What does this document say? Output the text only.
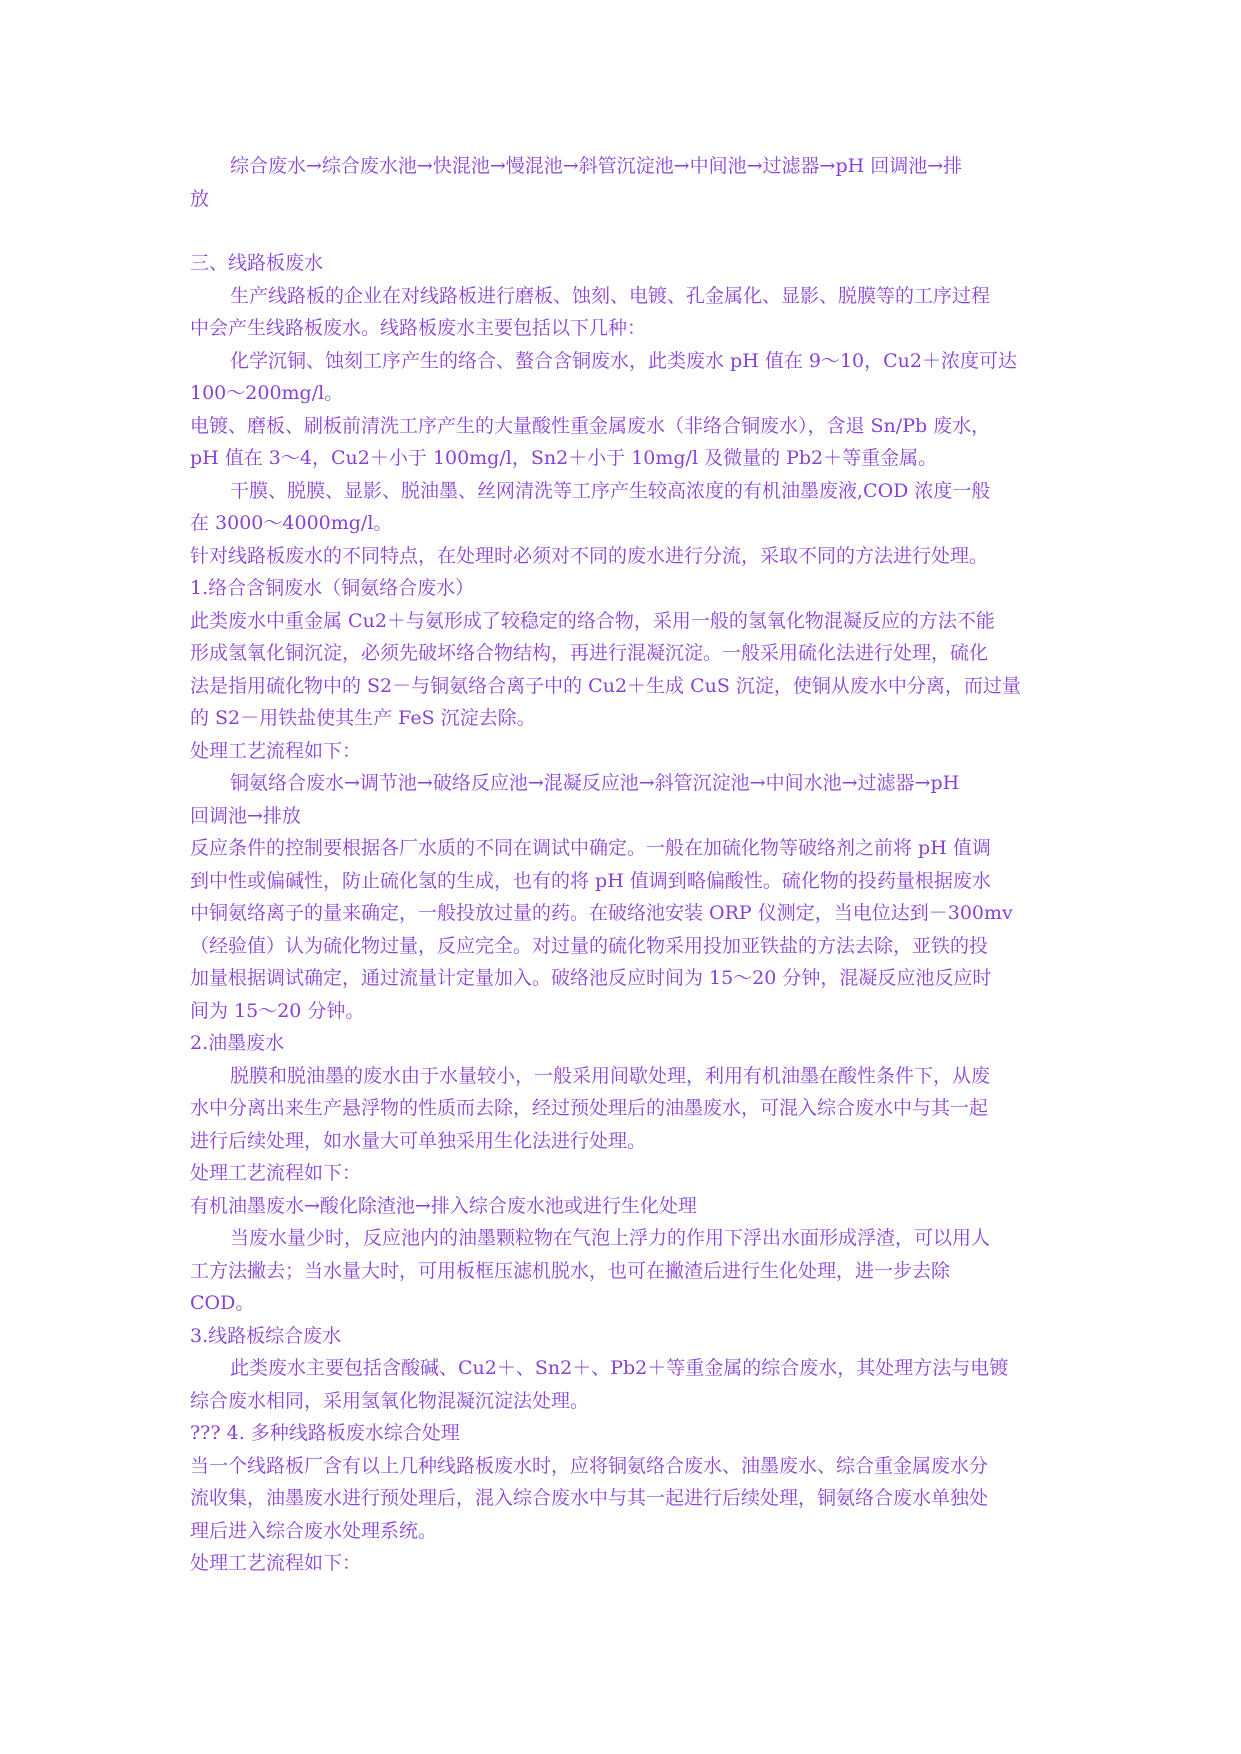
综合废水→综合废水池→快混池→慢混池→斜管沉淀池→中间池→过滤器→pH 回调池→排
放
三、线路板废水
生产线路板的企业在对线路板进行磨板、蚀刻、电镀、孔金属化、显影、脱膜等的工序过程
中会产生线路板废水。线路板废水主要包括以下几种：
化学沉铜、蚀刻工序产生的络合、螯合含铜废水，此类废水 pH 值在 9～10，Cu2＋浓度可达
100～200mg/l。
电镀、磨板、刷板前清洗工序产生的大量酸性重金属废水（非络合铜废水），含退 Sn/Pb 废水，
pH 值在 3～4，Cu2＋小于 100mg/l，Sn2＋小于 10mg/l 及微量的 Pb2＋等重金属。
干膜、脱膜、显影、脱油墨、丝网清洗等工序产生较高浓度的有机油墨废液,COD 浓度一般
在 3000～4000mg/l。
针对线路板废水的不同特点，在处理时必须对不同的废水进行分流，采取不同的方法进行处理。
1.络合含铜废水（铜氨络合废水）
此类废水中重金属 Cu2＋与氨形成了较稳定的络合物，采用一般的氢氧化物混凝反应的方法不能
形成氢氧化铜沉淀，必须先破坏络合物结构，再进行混凝沉淀。一般采用硫化法进行处理，硫化
法是指用硫化物中的 S2－与铜氨络合离子中的 Cu2＋生成 CuS 沉淀，使铜从废水中分离，而过量
的 S2－用铁盐使其生产 FeS 沉淀去除。
处理工艺流程如下：
铜氨络合废水→调节池→破络反应池→混凝反应池→斜管沉淀池→中间水池→过滤器→pH
回调池→排放
反应条件的控制要根据各厂水质的不同在调试中确定。一般在加硫化物等破络剂之前将 pH 值调
到中性或偏碱性，防止硫化氢的生成，也有的将 pH 值调到略偏酸性。硫化物的投药量根据废水
中铜氨络离子的量来确定，一般投放过量的药。在破络池安装 ORP 仪测定，当电位达到－300mv
（经验值）认为硫化物过量，反应完全。对过量的硫化物采用投加亚铁盐的方法去除，亚铁的投
加量根据调试确定，通过流量计定量加入。破络池反应时间为 15～20 分钟，混凝反应池反应时
间为 15～20 分钟。
2.油墨废水
脱膜和脱油墨的废水由于水量较小，一般采用间歇处理，利用有机油墨在酸性条件下，从废
水中分离出来生产悬浮物的性质而去除，经过预处理后的油墨废水，可混入综合废水中与其一起
进行后续处理，如水量大可单独采用生化法进行处理。
处理工艺流程如下：
有机油墨废水→酸化除渣池→排入综合废水池或进行生化处理
当废水量少时，反应池内的油墨颗粒物在气泡上浮力的作用下浮出水面形成浮渣，可以用人
工方法撇去；当水量大时，可用板框压滤机脱水，也可在撇渣后进行生化处理，进一步去除
COD。
3.线路板综合废水
此类废水主要包括含酸碱、Cu2＋、Sn2＋、Pb2＋等重金属的综合废水，其处理方法与电镀
综合废水相同，采用氢氧化物混凝沉淀法处理。
??? 4. 多种线路板废水综合处理
当一个线路板厂含有以上几种线路板废水时，应将铜氨络合废水、油墨废水、综合重金属废水分
流收集，油墨废水进行预处理后，混入综合废水中与其一起进行后续处理，铜氨络合废水单独处
理后进入综合废水处理系统。
处理工艺流程如下：
